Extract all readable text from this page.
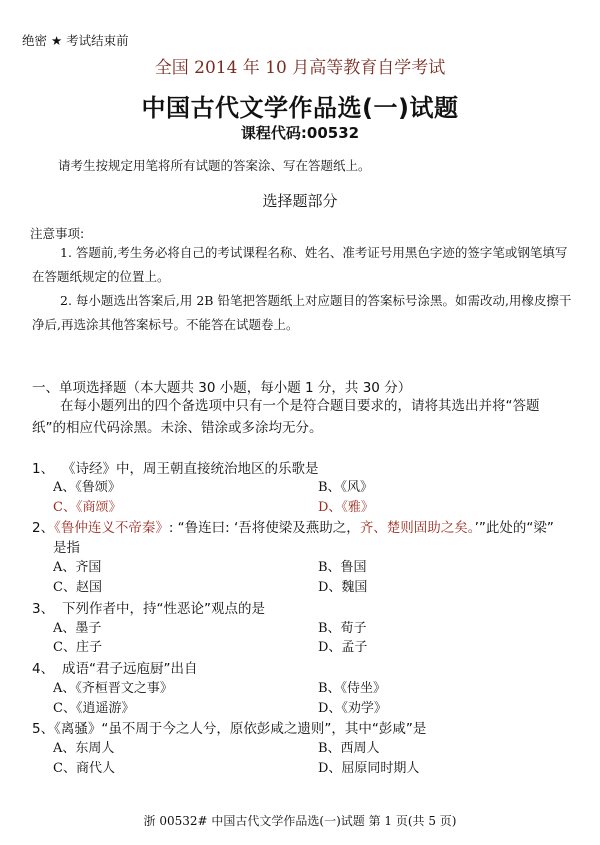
绝密 ★ 考试结束前
全国 2014 年 10 月高等教育自学考试
中国古代文学作品选(一)试题
课程代码:00532
请考生按规定用笔将所有试题的答案涂、写在答题纸上。
选择题部分
注意事项:
1. 答题前,考生务必将自己的考试课程名称、姓名、准考证号用黑色字迹的签字笔或钢笔填写在答题纸规定的位置上。
2. 每小题选出答案后,用 2B 铅笔把答题纸上对应题目的答案标号涂黑。如需改动,用橡皮擦干净后,再选涂其他答案标号。不能答在试题卷上。
一、单项选择题（本大题共 30 小题，每小题 1 分，共 30 分）
在每小题列出的四个备选项中只有一个是符合题目要求的，请将其选出并将“答题纸”的相应代码涂黑。未涂、错涂或多涂均无分。
1、 《诗经》中，周王朝直接统治地区的乐歌是
A、《鲁颂》	B、《风》
C、《商颂》	D、《雅》
2、《鲁仲连义不帝秦》: “鲁连曰: ‘吾将使梁及燕助之，齐、楚则固助之矣。’”此处的“梁”
是指
A、齐国	B、鲁国
C、赵国	D、魏国
3、 下列作者中，持“性恶论”观点的是
A、墨子	B、荀子
C、庄子	D、孟子
4、 成语“君子远庖厨”出自
A、《齐桓晋文之事》	B、《侍坐》
C、《逍遥游》	D、《劝学》
5、《离骚》“虽不周于今之人兮，原依彭咸之遗则”，其中“彭咸”是
A、东周人	B、西周人
C、商代人	D、屈原同时期人
浙 00532# 中国古代文学作品选(一)试题 第 1 页(共 5 页)
